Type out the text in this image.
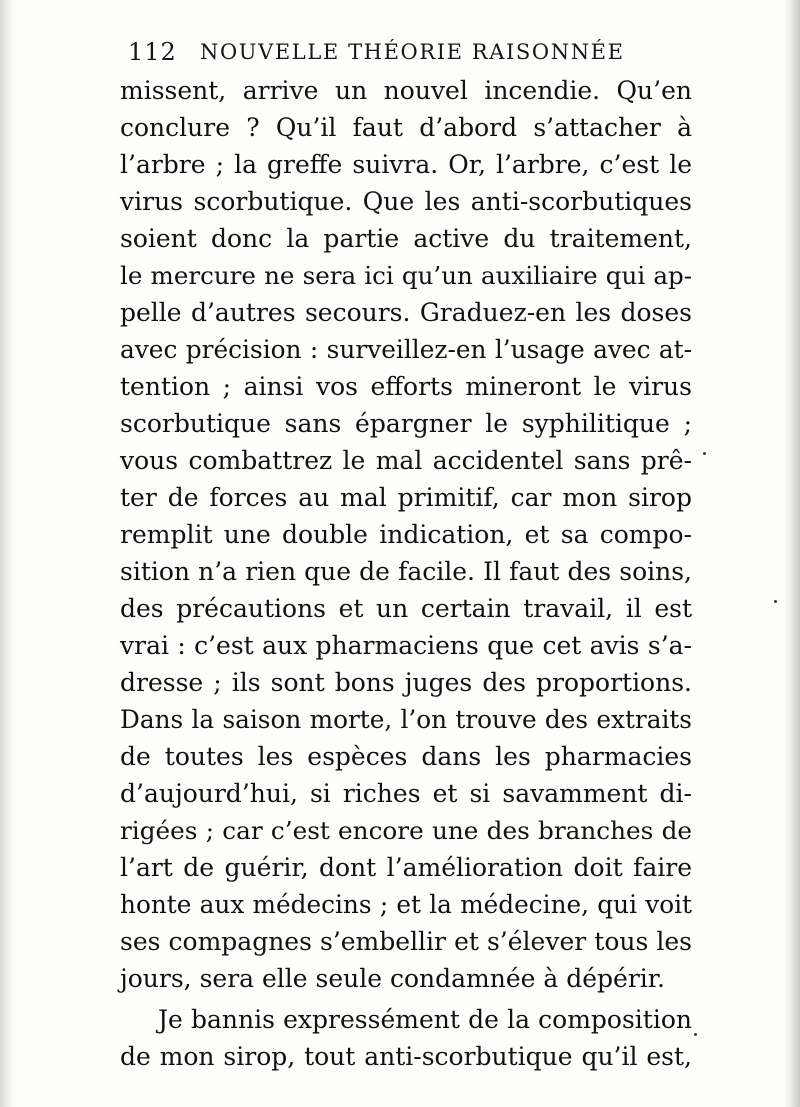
112 NOUVELLE THÉORIE RAISONNÉE
missent, arrive un nouvel incendie. Qu’en
conclure ? Qu’il faut d’abord s’attacher à
l’arbre ; la greffe suivra. Or, l’arbre, c’est le
virus scorbutique. Que les anti-scorbutiques
soient donc la partie active du traitement,
le mercure ne sera ici qu’un auxiliaire qui ap-
pelle d’autres secours. Graduez-en les doses
avec précision : surveillez-en l’usage avec at-
tention ; ainsi vos efforts mineront le virus
scorbutique sans épargner le syphilitique ;
vous combattrez le mal accidentel sans prê-
ter de forces au mal primitif, car mon sirop
remplit une double indication, et sa compo-
sition n’a rien que de facile. Il faut des soins,
des précautions et un certain travail, il est
vrai : c’est aux pharmaciens que cet avis s’a-
dresse ; ils sont bons juges des proportions.
Dans la saison morte, l’on trouve des extraits
de toutes les espèces dans les pharmacies
d’aujourd’hui, si riches et si savamment di-
rigées ; car c’est encore une des branches de
l’art de guérir, dont l’amélioration doit faire
honte aux médecins ; et la médecine, qui voit
ses compagnes s’embellir et s’élever tous les
jours, sera elle seule condamnée à dépérir.
Je bannis expressément de la composition
de mon sirop, tout anti-scorbutique qu’il est,
